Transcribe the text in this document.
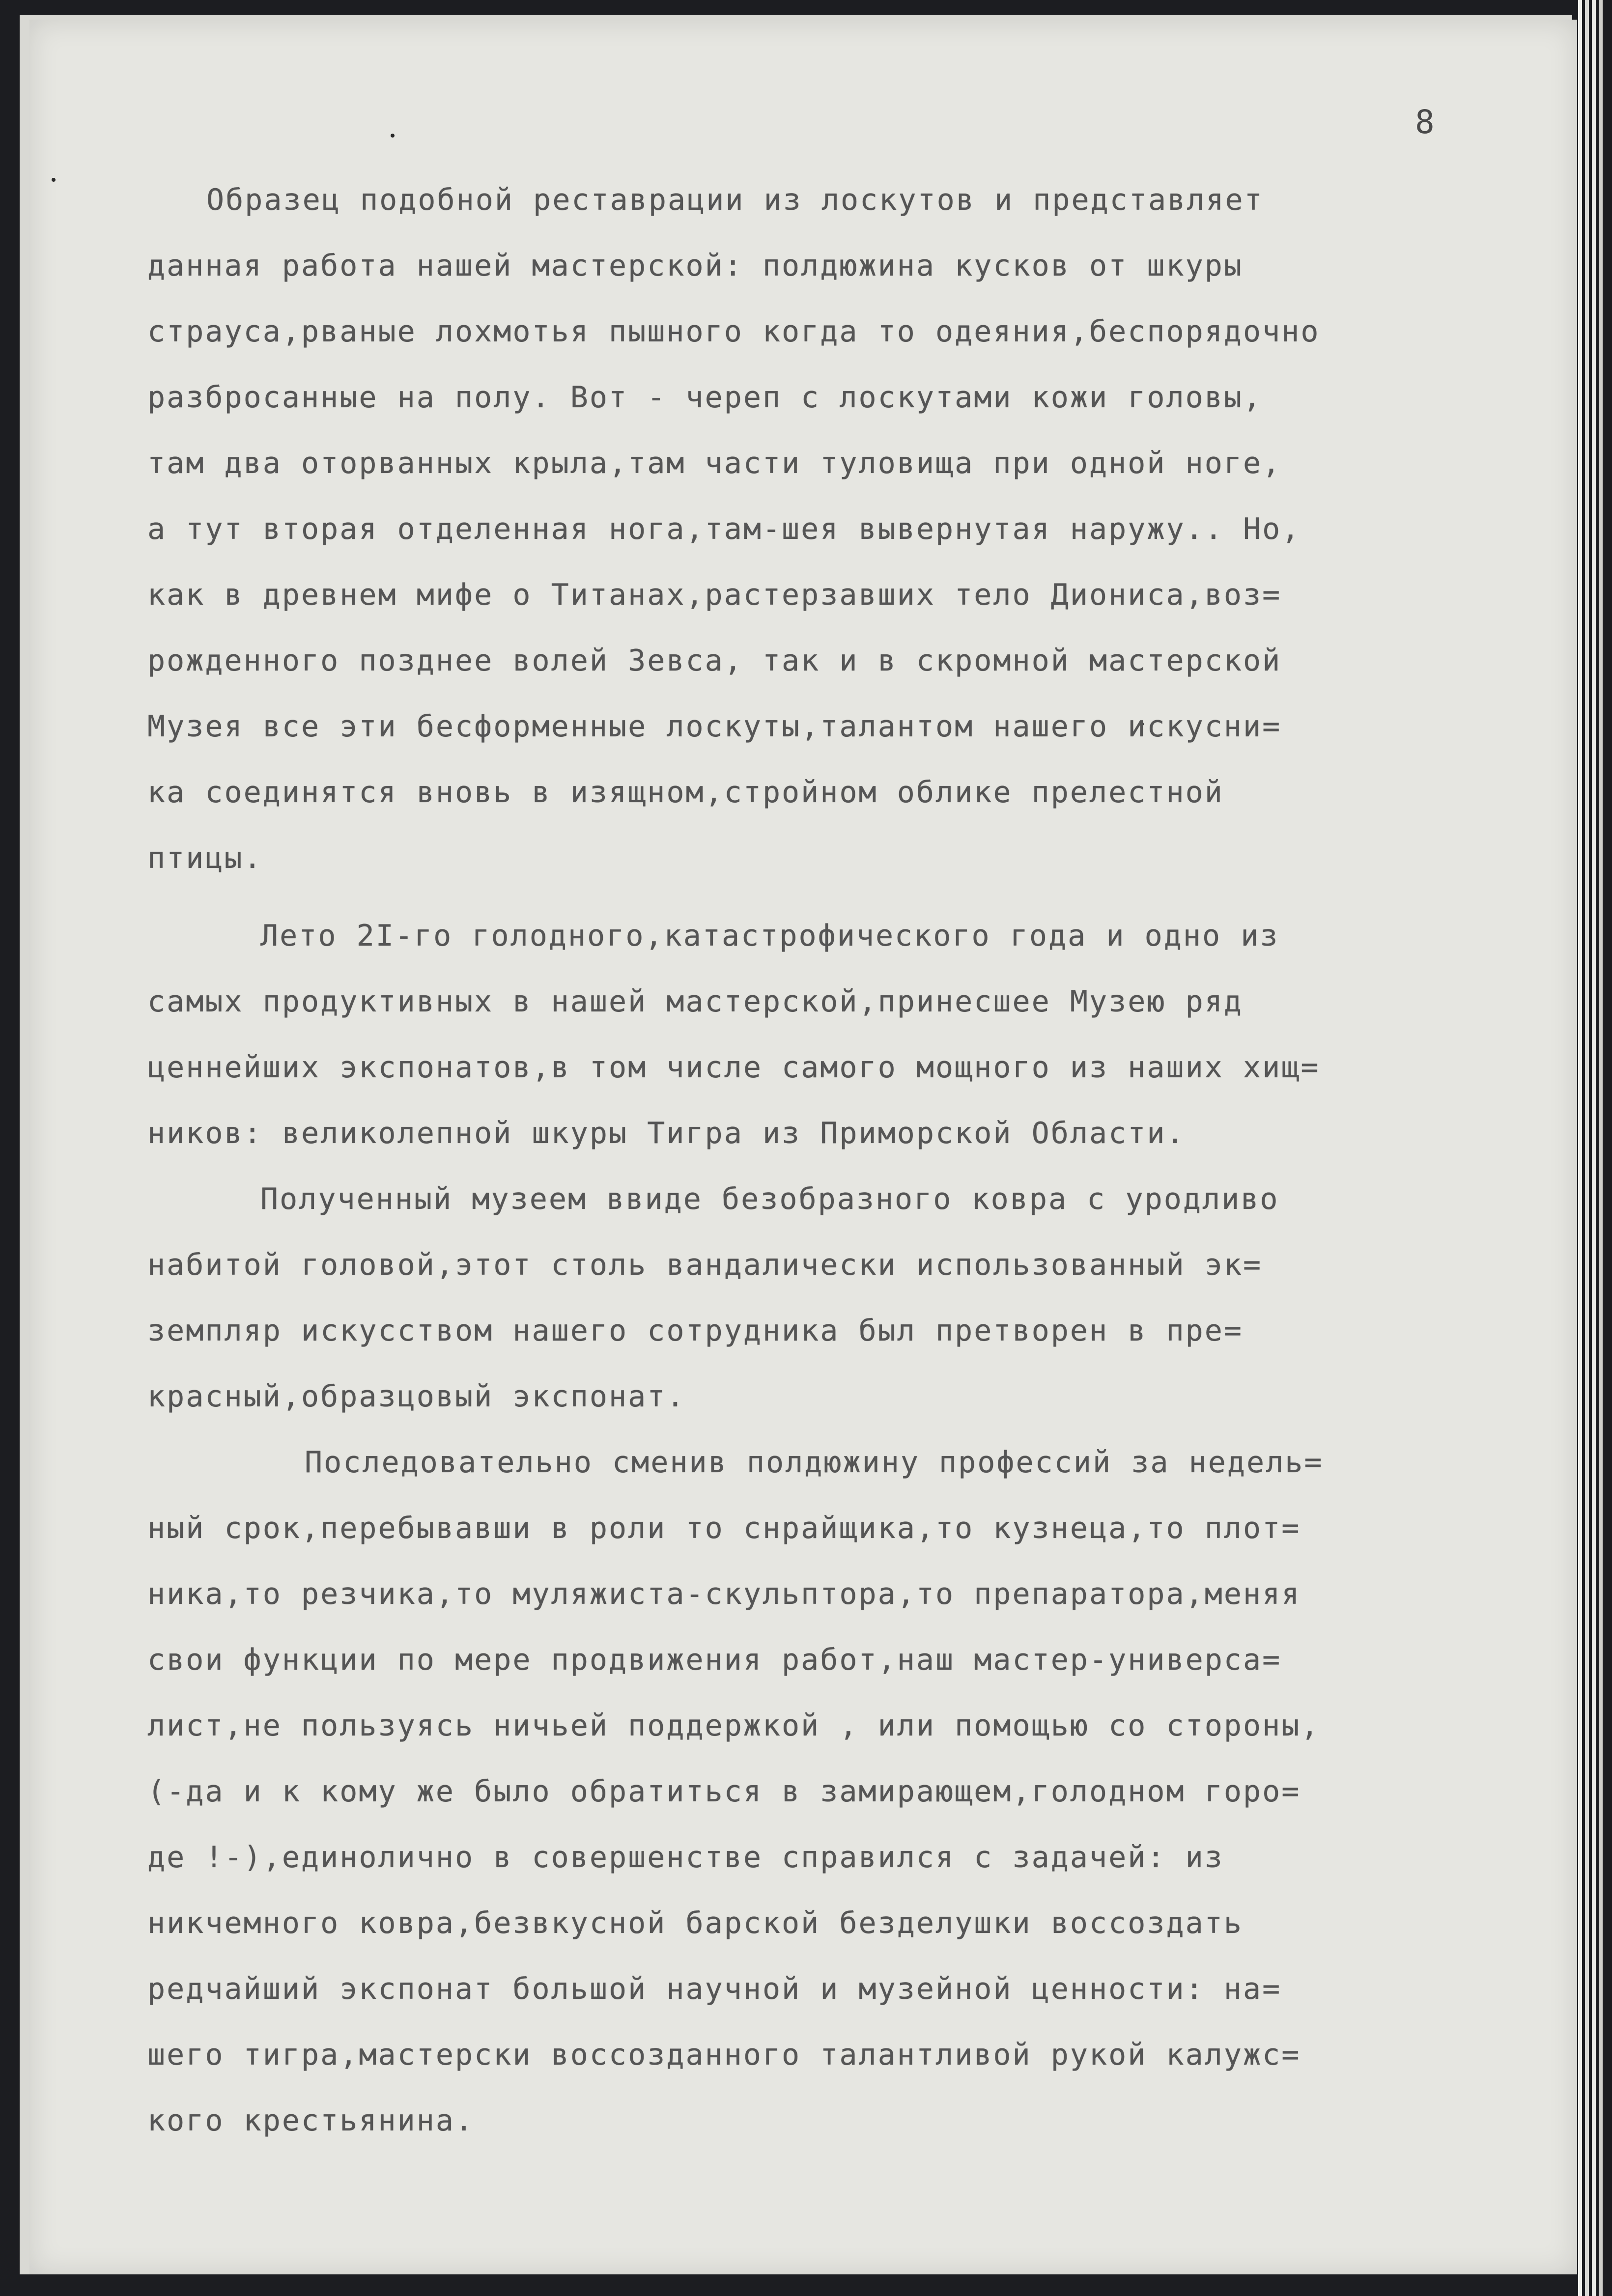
8
Образец подобной реставрации из лоскутов и представляет
данная работа нашей мастерской: полдюжина кусков от шкуры
страуса,рваные лохмотья пышного когда то одеяния,беспорядочно
разбросанные на полу. Вот - череп с лоскутами кожи головы,
там два оторванных крыла,там части туловища при одной ноге,
а тут вторая отделенная нога,там-шея вывернутая наружу.. Но,
как в древнем мифе о Титанах,растерзавших тело Диониса,воз=
рожденного позднее волей Зевса, так и в скромной мастерской
Музея все эти бесформенные лоскуты,талантом нашего искусни=
ка соединятся вновь в изящном,стройном облике прелестной
птицы.
Лето 2I-го голодного,катастрофического года и одно из
самых продуктивных в нашей мастерской,принесшее Музею ряд
ценнейших экспонатов,в том числе самого мощного из наших хищ=
ников: великолепной шкуры Тигра из Приморской Области.
Полученный музеем ввиде безобразного ковра с уродливо
набитой головой,этот столь вандалически использованный эк=
земпляр искусством нашего сотрудника был претворен в пре=
красный,образцовый экспонат.
Последовательно сменив полдюжину профессий за недель=
ный срок,перебывавши в роли то снрайщика,то кузнеца,то плот=
ника,то резчика,то муляжиста-скульптора,то препаратора,меняя
свои функции по мере продвижения работ,наш мастер-универса=
лист,не пользуясь ничьей поддержкой , или помощью со стороны,
(-да и к кому же было обратиться в замирающем,голодном горо=
де !-),единолично в совершенстве справился с задачей: из
никчемного ковра,безвкусной барской безделушки воссоздать
редчайший экспонат большой научной и музейной ценности: на=
шего тигра,мастерски воссозданного талантливой рукой калужс=
кого крестьянина.
